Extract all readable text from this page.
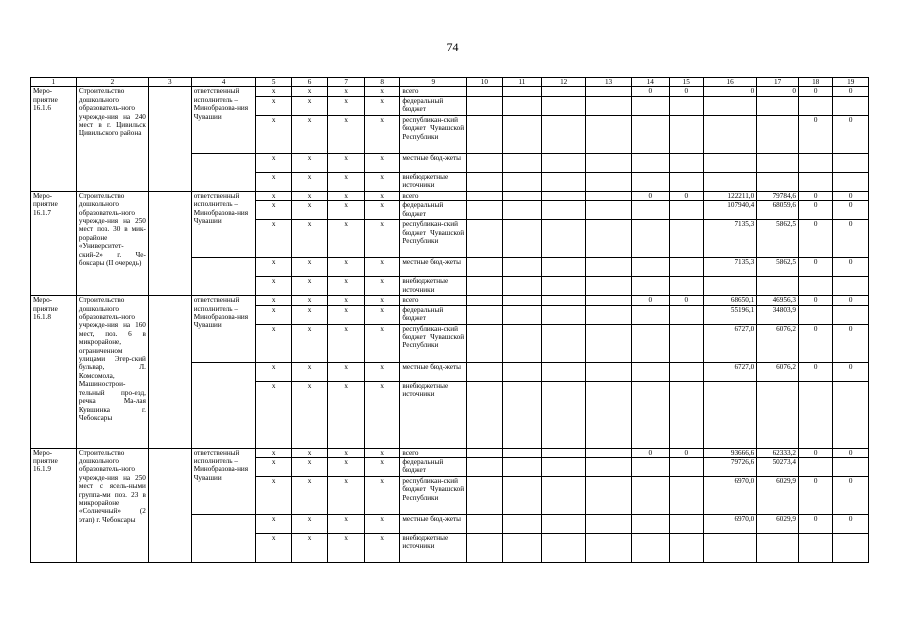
74
1	2	3	4	5	6	7	8	9	10	11	12	13	14	15	16	17	18	19
Меро-приятие 16.1.6	Строительство дошкольного образователь-ного учрежде-ния на 240 мест в г. Цивильск Цивильского района		ответственный исполнитель – Минобразова-ния Чувашии	x	x	x	x	всего					0	0	0	0	0	0
				x	x	x	x	федеральный бюджет										
				x	x	x	x	республикан-ский бюджет Чувашской Республики									0	0
				x	x	x	x	местные бюд-жеты										
				x	x	x	x	внебюджетные источники										
Меро-приятие 16.1.7	Строительство дошкольного образователь-ного учрежде-ния на 250 мест поз. 30 в мик-рорайоне «Университет-ский-2» г. Че-боксары (II очередь)		ответственный исполнитель – Минобразова-ния Чувашии	x	x	x	x	всего					0	0	122211,0	79784,6	0	0
				x	x	x	x	федеральный бюджет							107940,4	68059,6	0	0
				x	x	x	x	республикан-ский бюджет Чувашской Республики							7135,3	5862,5	0	0
				x	x	x	x	местные бюд-жеты							7135,3	5862,5	0	0
				x	x	x	x	внебюджетные источники										
Меро-приятие 16.1.8	Строительство дошкольного образователь-ного учрежде-ния на 160 мест, поз. 6 в микрорайоне, ограниченном улицами Эгер-ский бульвар, Л. Комсомола, Машинострои-тельный про-езд, речка Ма-лая Кувшинка г. Чебоксары		ответственный исполнитель – Минобразова-ния Чувашии	x	x	x	x	всего					0	0	68650,1	46956,3	0	0
				x	x	x	x	федеральный бюджет							55196,1	34803,9		
				x	x	x	x	республикан-ский бюджет Чувашской Республики							6727,0	6076,2	0	0
				x	x	x	x	местные бюд-жеты							6727,0	6076,2	0	0
				x	x	x	x	внебюджетные источники										
Меро-приятие 16.1.9	Строительство дошкольного образователь-ного учрежде-ния на 250 мест с ясель-ными группа-ми поз. 23 в микрорайоне «Солнечный» (2 этап) г. Чебоксары		ответственный исполнитель – Минобразова-ния Чувашии	x	x	x	x	всего					0	0	93666,6	62333,2	0	0
				x	x	x	x	федеральный бюджет							79726,6	50273,4		
				x	x	x	x	республикан-ский бюджет Чувашской Республики							6970,0	6029,9	0	0
				x	x	x	x	местные бюд-жеты							6970,0	6029,9	0	0
				x	x	x	x	внебюджетные источники										
